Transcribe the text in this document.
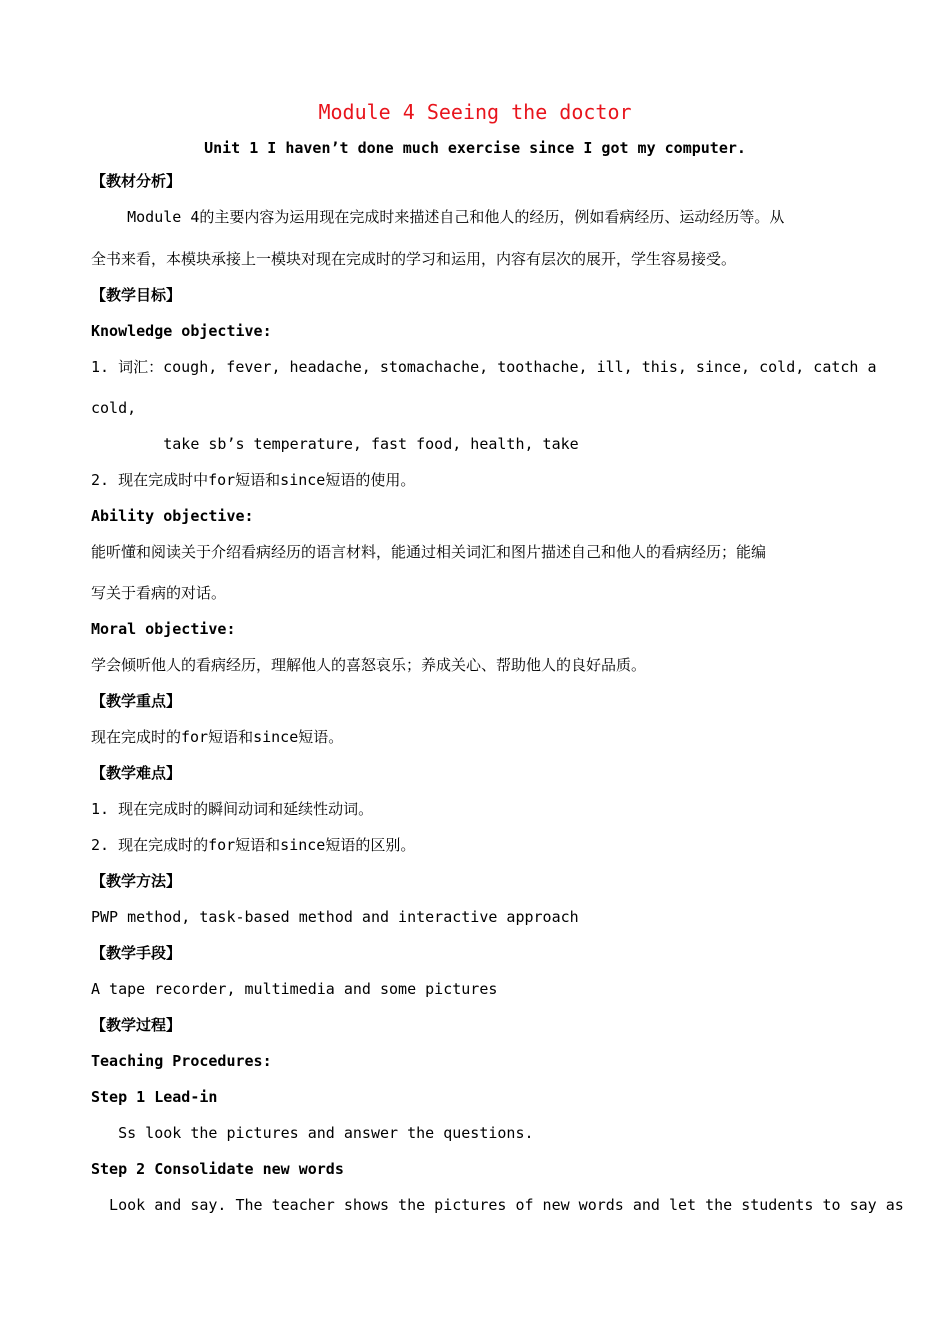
Module 4 Seeing the doctor
Unit 1 I haven’t done much exercise since I got my computer.
【教材分析】
Module 4的主要内容为运用现在完成时来描述自己和他人的经历，例如看病经历、运动经历等。从
全书来看，本模块承接上一模块对现在完成时的学习和运用，内容有层次的展开，学生容易接受。
【教学目标】
Knowledge objective:
1. 词汇：cough, fever, headache, stomachache, toothache, ill, this, since, cold, catch a
cold,
take sb’s temperature, fast food, health, take
2. 现在完成时中for短语和since短语的使用。
Ability objective:
能听懂和阅读关于介绍看病经历的语言材料，能通过相关词汇和图片描述自己和他人的看病经历；能编
写关于看病的对话。
Moral objective:
学会倾听他人的看病经历，理解他人的喜怒哀乐；养成关心、帮助他人的良好品质。
【教学重点】
现在完成时的for短语和since短语。
【教学难点】
1. 现在完成时的瞬间动词和延续性动词。
2. 现在完成时的for短语和since短语的区别。
【教学方法】
PWP method, task-based method and interactive approach
【教学手段】
A tape recorder, multimedia and some pictures
【教学过程】
Teaching Procedures:
Step 1 Lead-in
Ss look the pictures and answer the questions.
Step 2 Consolidate new words
Look and say. The teacher shows the pictures of new words and let the students to say as
